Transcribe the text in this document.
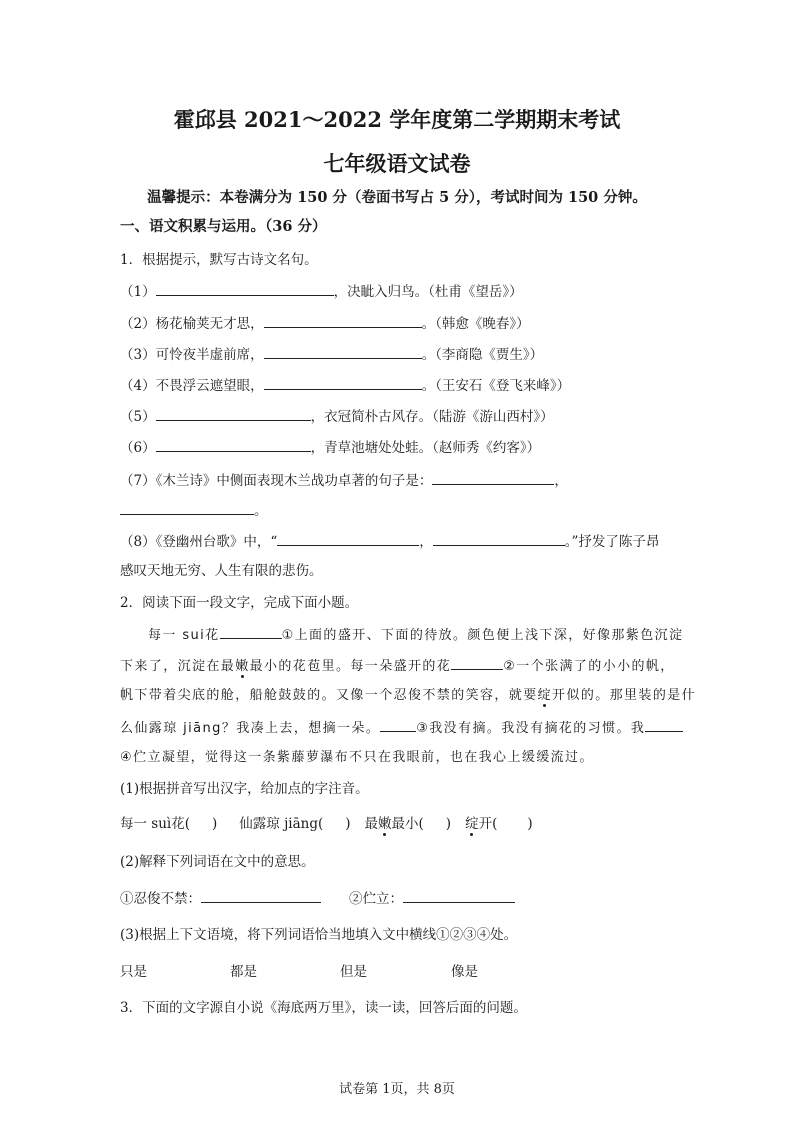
霍邱县 2021～2022 学年度第二学期期末考试
七年级语文试卷
温馨提示：本卷满分为 150 分（卷面书写占 5 分），考试时间为 150 分钟。
一、语文积累与运用。（36 分）
1．根据提示，默写古诗文名句。
（1）	，决眦入归鸟。（杜甫《望岳》）
（2）杨花榆荚无才思，	。（韩愈《晚春》）
（3）可怜夜半虚前席，	。（李商隐《贾生》）
（4）不畏浮云遮望眼，	。（王安石《登飞来峰》）
（5）	，衣冠简朴古风存。（陆游《游山西村》）
（6）	，青草池塘处处蛙。（赵师秀《约客》）
（7）《木兰诗》中侧面表现木兰战功卓著的句子是：	，
。
（8）《登幽州台歌》中，“	，	。”抒发了陈子昂
感叹天地无穷、人生有限的悲伤。
2．阅读下面一段文字，完成下面小题。
每一 sui花	①上面的盛开、下面的待放。颜色便上浅下深，好像那紫色沉淀
下来了，沉淀在最嫩最小的花苞里。每一朵盛开的花	②一个张满了的小小的帆，
帆下带着尖底的舱，船舱鼓鼓的。又像一个忍俊不禁的笑容，就要绽开似的。那里装的是什
么仙露琼 jiāng？我凑上去，想摘一朵。	③我没有摘。我没有摘花的习惯。我
④伫立凝望，觉得这一条紫藤萝瀑布不只在我眼前，也在我心上缓缓流过。
(1)根据拼音写出汉字，给加点的字注音。
每一 suì花( ) 仙露琼 jiāng( ) 最嫩最小( ) 绽开( )
(2)解释下列词语在文中的意思。
①忍俊不禁：	②伫立：
(3)根据上下文语境，将下列词语恰当地填入文中横线①②③④处。
只是	都是	但是	像是
3．下面的文字源自小说《海底两万里》，读一读，回答后面的问题。
试卷第 1页，共 8页
